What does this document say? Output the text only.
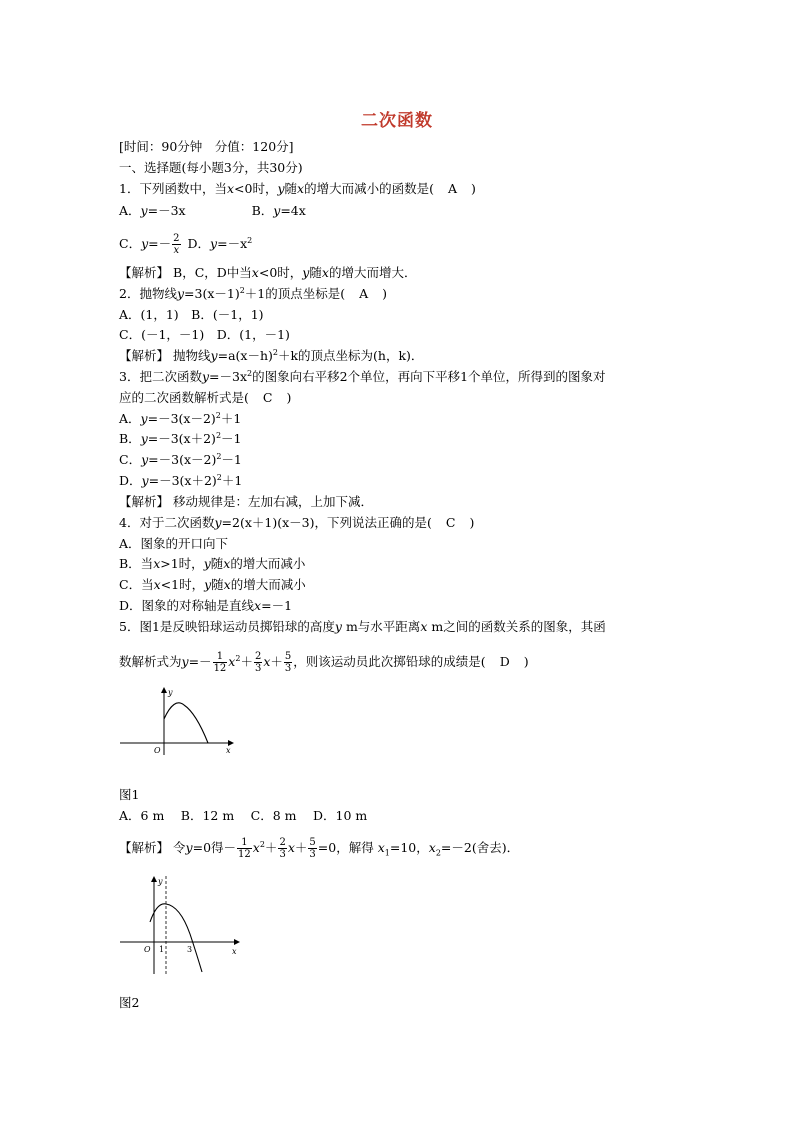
二次函数
[时间：90分钟　分值：120分]
一、选择题(每小题3分，共30分)
1．下列函数中，当x<0时，y随x的增大而减小的函数是( A )
A．y=－3x	B．y=4x
C．$y=- \frac{2}{x}$ D．$y=-x^2$
【解析】 B，C，D中当x<0时，y随x的增大而增大．
2．抛物线$y=3(x-1)^2+1$的顶点坐标是( A )
A．(1，1)　B．(－1，1)
C．(－1，－1)　D．(1，－1)
【解析】 抛物线$y=a(x-h)^2+k$的顶点坐标为(h，k)．
3．把二次函数$y=-3x^2$的图象向右平移2个单位，再向下平移1个单位，所得到的图象对
应的二次函数解析式是( C )
A．$y=-3(x-2)^2+1$
B．$y=-3(x+2)^2-1$
C．$y=-3(x-2)^2-1$
D．$y=-3(x+2)^2+1$
【解析】 移动规律是：左加右减，上加下减．
4．对于二次函数y=2(x＋1)(x－3)，下列说法正确的是( C )
A．图象的开口向下
B．当x>1时，y随x的增大而减小
C．当x<1时，y随x的增大而减小
D．图象的对称轴是直线x=－1
5．图1是反映铅球运动员掷铅球的高度y m与水平距离x m之间的函数关系的图象，其函
数解析式为$y=- \frac{1}{12} x^2+ \frac{2}{3} x+ \frac{5}{3}$ ，则该运动员此次掷铅球的成绩是( D )
y
x
O
图1
A．6 m　 B．12 m　 C．8 m　 D．10 m
【解析】 令y=0得－ $\frac{1}{12} x^2+ \frac{2}{3} x+ \frac{5}{3} =0$，解得 $x_1=10$，$x_2=-2$(舍去)．
y
x
O 1	3
图2
